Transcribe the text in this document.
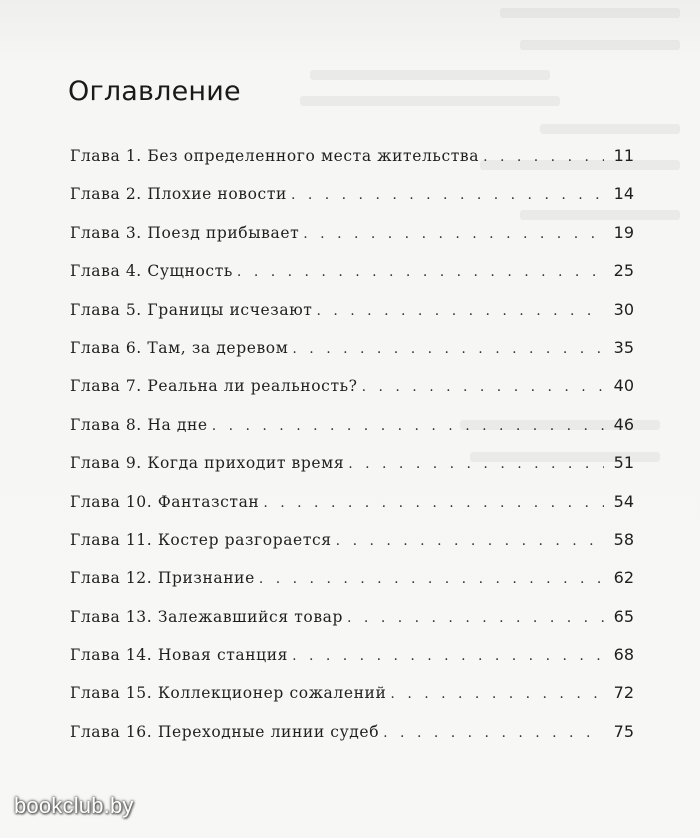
Оглавление
Глава 1. Без определенного места жительства . . .	11
Глава 2. Плохие новости . . .	14
Глава 3. Поезд прибывает . . .	19
Глава 4. Сущность . . .	25
Глава 5. Границы исчезают . . .	30
Глава 6. Там, за деревом . . .	35
Глава 7. Реальна ли реальность? . . .	40
Глава 8. На дне . . .	46
Глава 9. Когда приходит время . . .	51
Глава 10. Фантазстан . . .	54
Глава 11. Костер разгорается . . .	58
Глава 12. Признание . . .	62
Глава 13. Залежавшийся товар . . .	65
Глава 14. Новая станция . . .	68
Глава 15. Коллекционер сожалений . . .	72
Глава 16. Переходные линии судеб . . .	75
bookclub.by
